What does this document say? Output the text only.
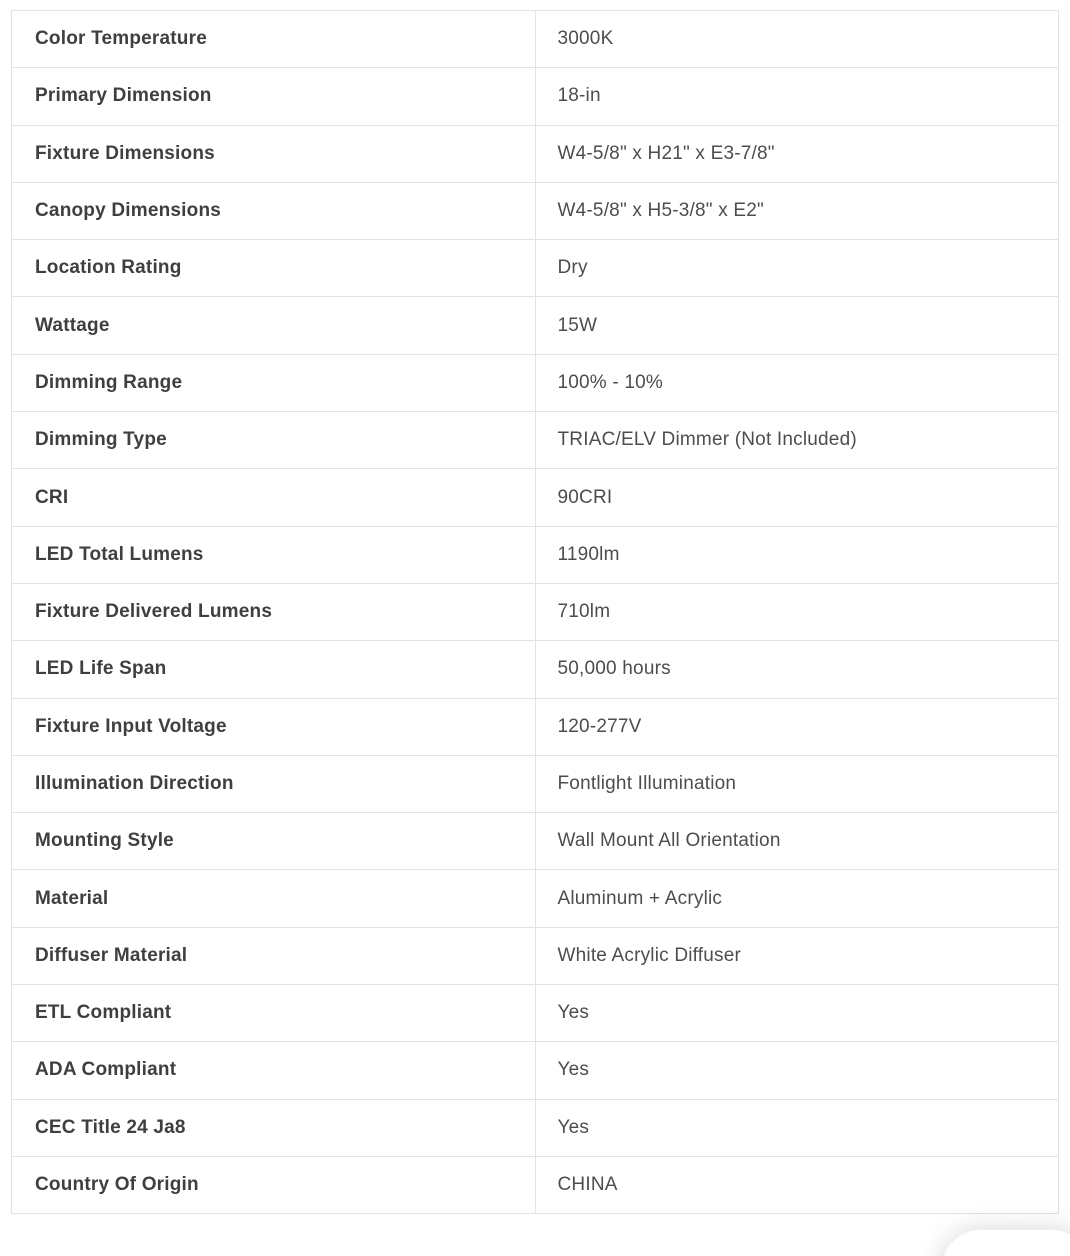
Color Temperature	3000K
Primary Dimension	18-in
Fixture Dimensions	W4-5/8" x H21" x E3-7/8"
Canopy Dimensions	W4-5/8" x H5-3/8" x E2"
Location Rating	Dry
Wattage	15W
Dimming Range	100% - 10%
Dimming Type	TRIAC/ELV Dimmer (Not Included)
CRI	90CRI
LED Total Lumens	1190lm
Fixture Delivered Lumens	710lm
LED Life Span	50,000 hours
Fixture Input Voltage	120-277V
Illumination Direction	Fontlight Illumination
Mounting Style	Wall Mount All Orientation
Material	Aluminum + Acrylic
Diffuser Material	White Acrylic Diffuser
ETL Compliant	Yes
ADA Compliant	Yes
CEC Title 24 Ja8	Yes
Country Of Origin	CHINA
